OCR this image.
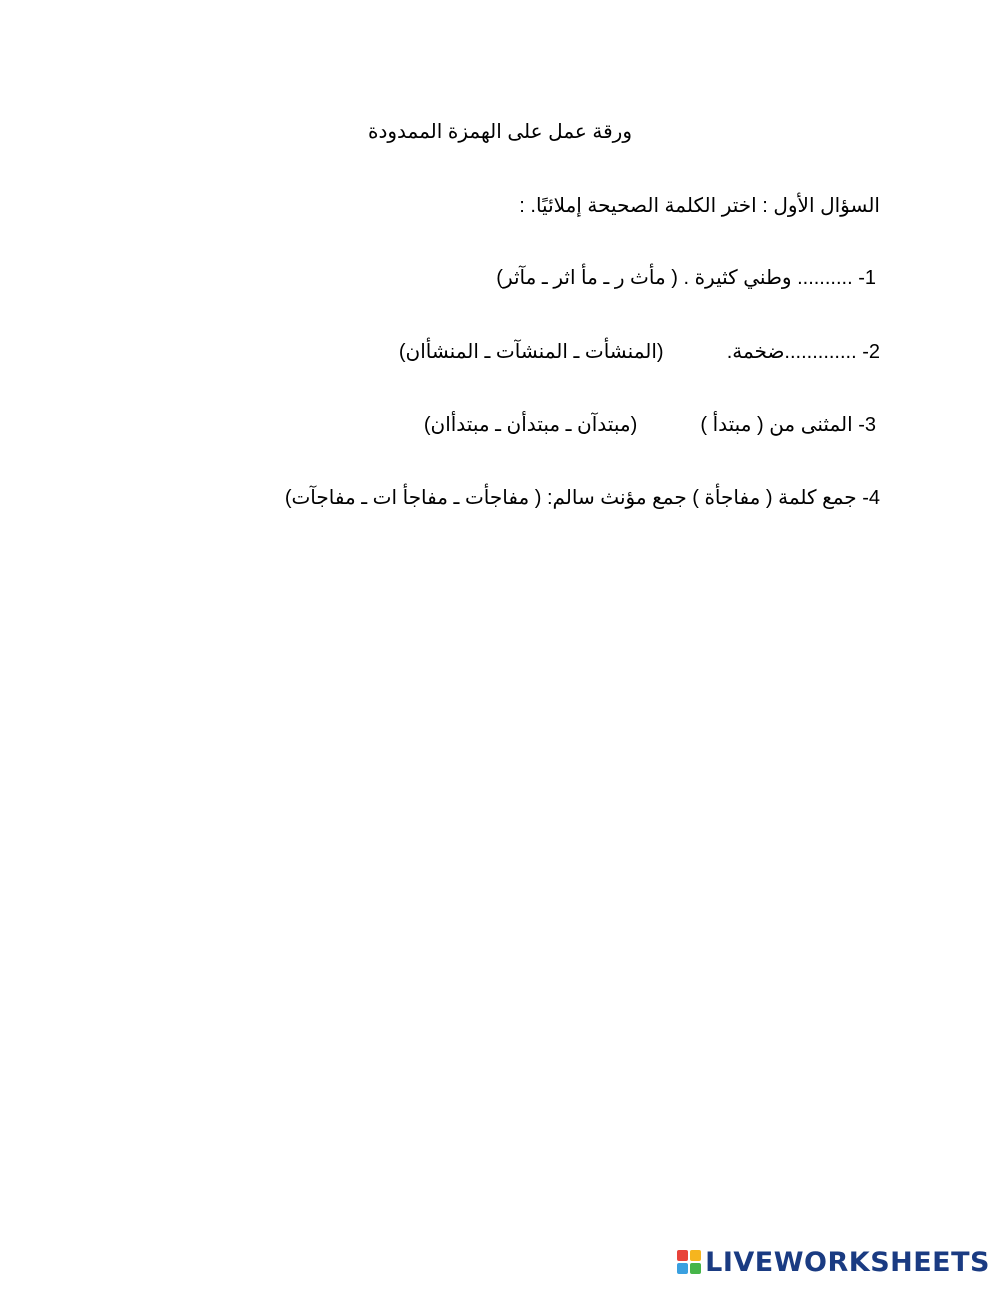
ورقة عمل على الهمزة الممدودة
السؤال الأول : اختر الكلمة الصحيحة إملائيًا. :
1- .......... وطني كثيرة . ( مأث ر ـ مأ اثر ـ مآثر)
2- .............ضخمة.  (المنشأت ـ المنشآت ـ المنشأان)
3- المثنى من ( مبتدأ )  (مبتدآن ـ مبتدأن ـ مبتدأان)
4- جمع كلمة ( مفاجأة ) جمع مؤنث سالم: ( مفاجأت ـ مفاجأ ات ـ مفاجآت)
LIVEWORKSHEETS
